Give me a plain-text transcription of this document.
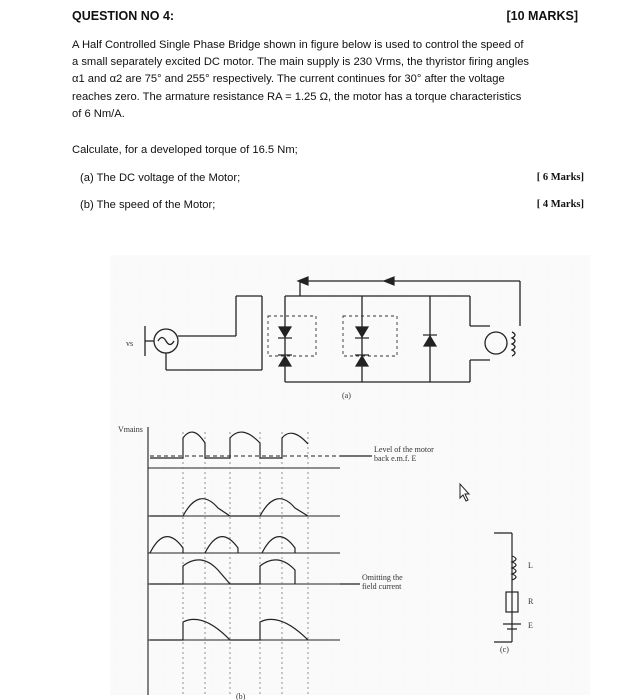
QUESTION NO 4:	[10 MARKS]
A Half Controlled Single Phase Bridge shown in figure below is used to control the speed of
a small separately excited DC motor. The main supply is 230 Vrms, the thyristor firing angles
α1 and α2 are 75° and 255° respectively. The current continues for 30° after the voltage
reaches zero. The armature resistance RA = 1.25 Ω, the motor has a torque characteristics
of 6 Nm/A.
Calculate, for a developed torque of 16.5 Nm;
(a) The DC voltage of the Motor;	[ 6 Marks]
(b) The speed of the Motor;	[ 4 Marks]
vs
(a)
Vmains
Level of the motor
back e.m.f. E
Omitting the
field current
L
R
E
(c)
(b)
